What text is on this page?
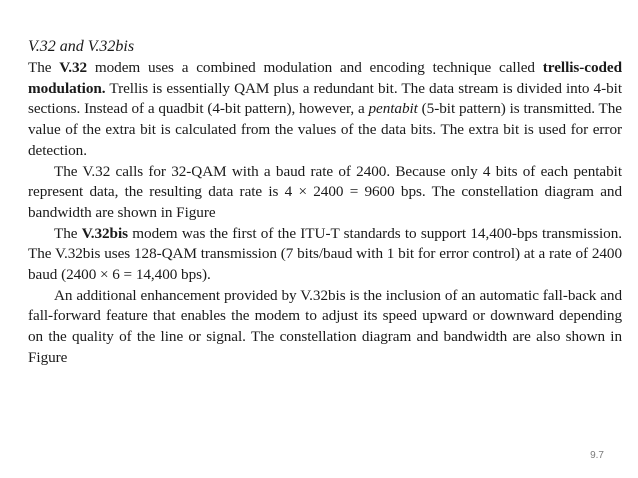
V.32 and V.32bis

The V.32 modem uses a combined modulation and encoding technique called trellis-coded modulation. Trellis is essentially QAM plus a redundant bit. The data stream is divided into 4-bit sections. Instead of a quadbit (4-bit pattern), however, a pentabit (5-bit pattern) is transmitted. The value of the extra bit is calculated from the values of the data bits. The extra bit is used for error detection.

The V.32 calls for 32-QAM with a baud rate of 2400. Because only 4 bits of each pentabit represent data, the resulting data rate is 4 × 2400 = 9600 bps. The constellation diagram and bandwidth are shown in Figure

The V.32bis modem was the first of the ITU-T standards to support 14,400-bps transmission. The V.32bis uses 128-QAM transmission (7 bits/baud with 1 bit for error control) at a rate of 2400 baud (2400 × 6 = 14,400 bps).

An additional enhancement provided by V.32bis is the inclusion of an automatic fall-back and fall-forward feature that enables the modem to adjust its speed upward or downward depending on the quality of the line or signal. The constellation diagram and bandwidth are also shown in Figure

9.7
